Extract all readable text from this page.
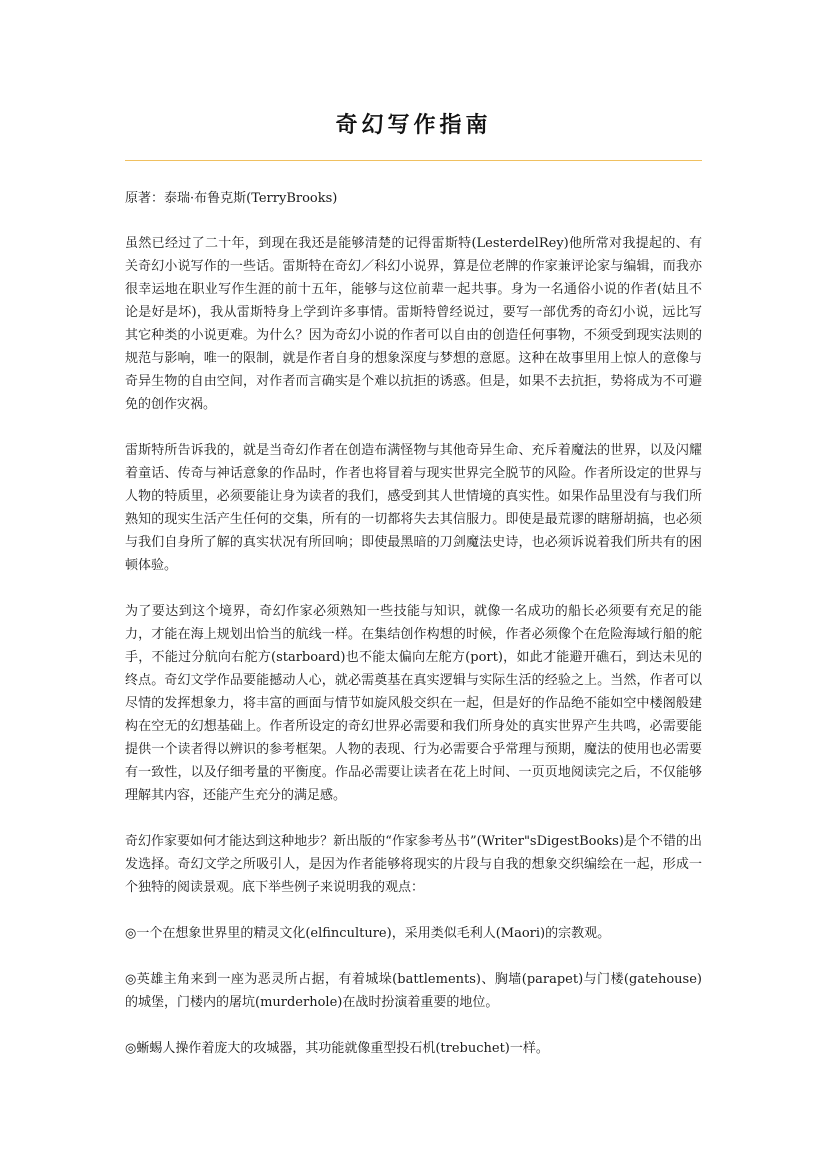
奇幻写作指南

原著：泰瑞·布鲁克斯(TerryBrooks)

虽然已经过了二十年，到现在我还是能够清楚的记得雷斯特(LesterdelRey)他所常对我提起的、有关奇幻小说写作的一些话。雷斯特在奇幻／科幻小说界，算是位老牌的作家兼评论家与编辑，而我亦很幸运地在职业写作生涯的前十五年，能够与这位前辈一起共事。身为一名通俗小说的作者(姑且不论是好是坏)，我从雷斯特身上学到许多事情。雷斯特曾经说过，要写一部优秀的奇幻小说，远比写其它种类的小说更难。为什么？因为奇幻小说的作者可以自由的创造任何事物，不须受到现实法则的规范与影响，唯一的限制，就是作者自身的想象深度与梦想的意愿。这种在故事里用上惊人的意像与奇异生物的自由空间，对作者而言确实是个难以抗拒的诱惑。但是，如果不去抗拒，势将成为不可避免的创作灾祸。

雷斯特所告诉我的，就是当奇幻作者在创造布满怪物与其他奇异生命、充斥着魔法的世界，以及闪耀着童话、传奇与神话意象的作品时，作者也将冒着与现实世界完全脱节的风险。作者所设定的世界与人物的特质里，必须要能让身为读者的我们，感受到其人世情境的真实性。如果作品里没有与我们所熟知的现实生活产生任何的交集，所有的一切都将失去其信服力。即使是最荒谬的瞎掰胡搞，也必须与我们自身所了解的真实状况有所回响；即使最黑暗的刀剑魔法史诗，也必须诉说着我们所共有的困顿体验。

为了要达到这个境界，奇幻作家必须熟知一些技能与知识，就像一名成功的船长必须要有充足的能力，才能在海上规划出恰当的航线一样。在集结创作构想的时候，作者必须像个在危险海域行船的舵手，不能过分航向右舵方(starboard)也不能太偏向左舵方(port)，如此才能避开礁石，到达未见的终点。奇幻文学作品要能撼动人心，就必需奠基在真实逻辑与实际生活的经验之上。当然，作者可以尽情的发挥想象力，将丰富的画面与情节如旋风般交织在一起，但是好的作品绝不能如空中楼阁般建构在空无的幻想基础上。作者所设定的奇幻世界必需要和我们所身处的真实世界产生共鸣，必需要能提供一个读者得以辨识的参考框架。人物的表现、行为必需要合乎常理与预期，魔法的使用也必需要有一致性，以及仔细考量的平衡度。作品必需要让读者在花上时间、一页页地阅读完之后，不仅能够理解其内容，还能产生充分的满足感。

奇幻作家要如何才能达到这种地步？新出版的“作家参考丛书”(Writer"sDigestBooks)是个不错的出发选择。奇幻文学之所吸引人，是因为作者能够将现实的片段与自我的想象交织编绘在一起，形成一个独特的阅读景观。底下举些例子来说明我的观点：

◎一个在想象世界里的精灵文化(elfinculture)，采用类似毛利人(Maori)的宗教观。

◎英雄主角来到一座为恶灵所占据，有着城垛(battlements)、胸墙(parapet)与门楼(gatehouse)的城堡，门楼内的屠坑(murderhole)在战时扮演着重要的地位。

◎蜥蜴人操作着庞大的攻城器，其功能就像重型投石机(trebuchet)一样。
